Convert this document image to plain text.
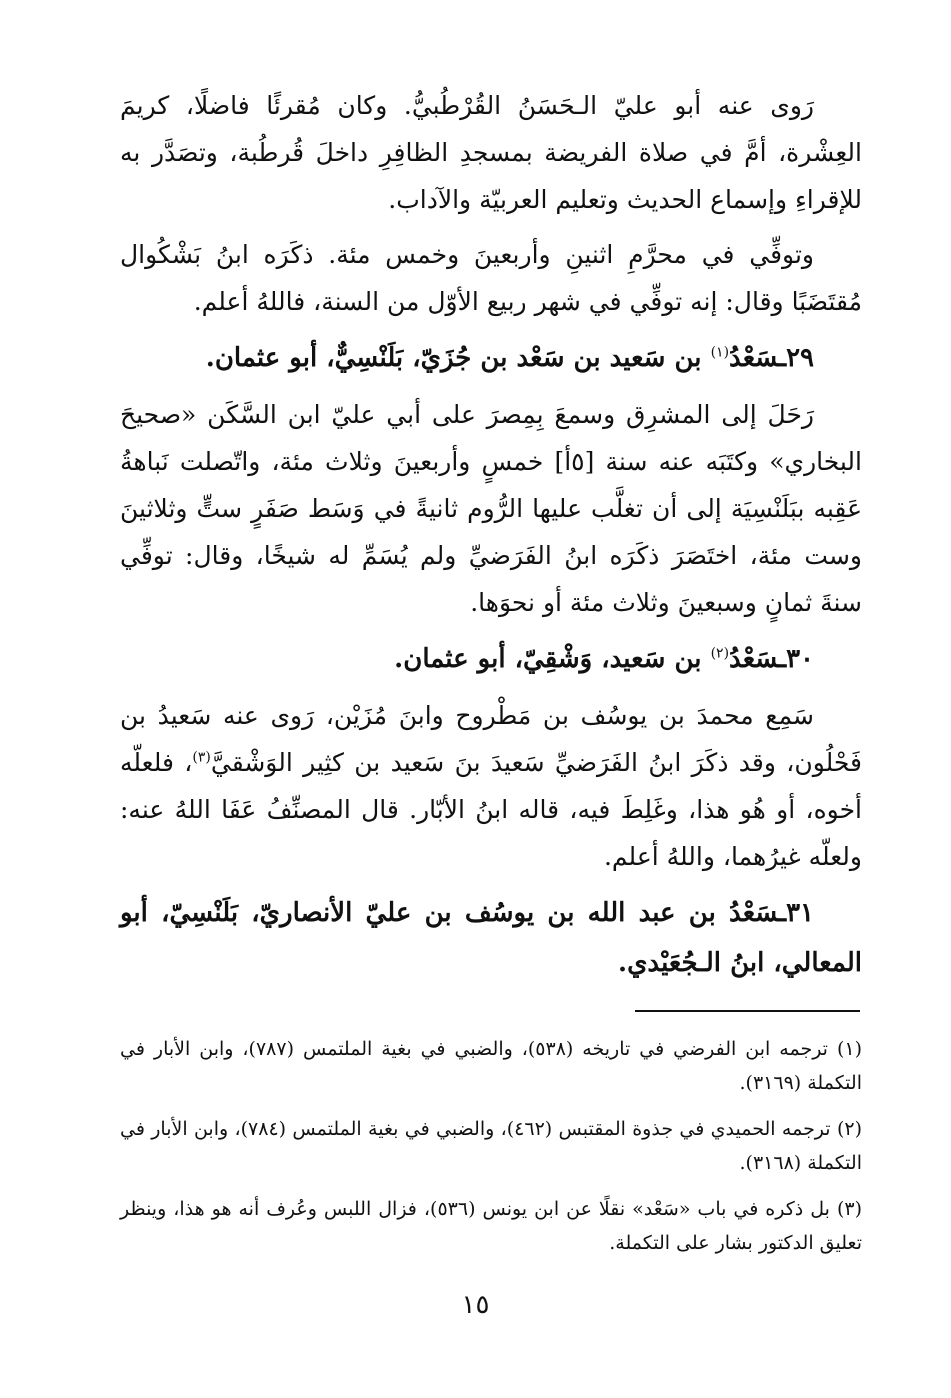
رَوى عنه أبو عليّ الـحَسَنُ القُرْطُبيُّ. وكان مُقرئًا فاضلًا، كريمَ العِشْرة، أمَّ في صلاة الفريضة بمسجدِ الظافِرِ داخلَ قُرطُبة، وتصَدَّر به للإقراءِ وإسماع الحديث وتعليم العربيّة والآداب.

وتوفِّي في محرَّمِ اثنينِ وأربعينَ وخمس مئة. ذكَرَه ابنُ بَشْكُوال مُقتَضَبًا وقال: إنه توفِّي في شهر ربيع الأوّل من السنة، فاللهُ أعلم.

٢٩ـسَعْدُ$^{(١)}$ بن سَعيد بن سَعْد بن جُزَيّ، بَلَنْسِيٌّ، أبو عثمان.

رَحَلَ إلى المشرِق وسمعَ بِمِصرَ على أبي عليّ ابن السَّكَن «صحيحَ البخاري» وكتَبَه عنه سنة [٥أ] خمسٍ وأربعينَ وثلاث مئة، واتّصلت نَباهةُ عَقِبه ببَلَنْسِيَة إلى أن تغلَّب عليها الرُّوم ثانيةً في وَسَط صَفَرٍ ستٍّ وثلاثينَ وست مئة، اختَصَرَ ذكَرَه ابنُ الفَرَضيِّ ولم يُسَمِّ له شيخًا، وقال: توفِّي سنةَ ثمانٍ وسبعينَ وثلاث مئة أو نحوَها.

٣٠ـسَعْدُ$^{(٢)}$ بن سَعيد، وَشْقِيّ، أبو عثمان.

سَمِع محمدَ بن يوسُف بن مَطْروح وابنَ مُزَيْن، رَوى عنه سَعيدُ بن فَحْلُون، وقد ذكَرَ ابنُ الفَرَضيِّ سَعيدَ بنَ سَعيد بن كثِير الوَشْقيَّ$^{(٣)}$، فلعلّه أخوه، أو هُو هذا، وغَلِطَ فيه، قاله ابنُ الأبّار. قال المصنِّفُ عَفَا اللهُ عنه: ولعلّه غيرُهما، واللهُ أعلم.

٣١ـسَعْدُ بن عبد الله بن يوسُف بن عليّ الأنصاريّ، بَلَنْسِيّ، أبو المعالي، ابنُ الـجُعَيْدي.

(١) ترجمه ابن الفرضي في تاريخه (٥٣٨)، والضبي في بغية الملتمس (٧٨٧)، وابن الأبار في التكملة (٣١٦٩).

(٢) ترجمه الحميدي في جذوة المقتبس (٤٦٢)، والضبي في بغية الملتمس (٧٨٤)، وابن الأبار في التكملة (٣١٦٨).

(٣) بل ذكره في باب «سَعْد» نقلًا عن ابن يونس (٥٣٦)، فزال اللبس وعُرف أنه هو هذا، وينظر تعليق الدكتور بشار على التكملة.

١٥
